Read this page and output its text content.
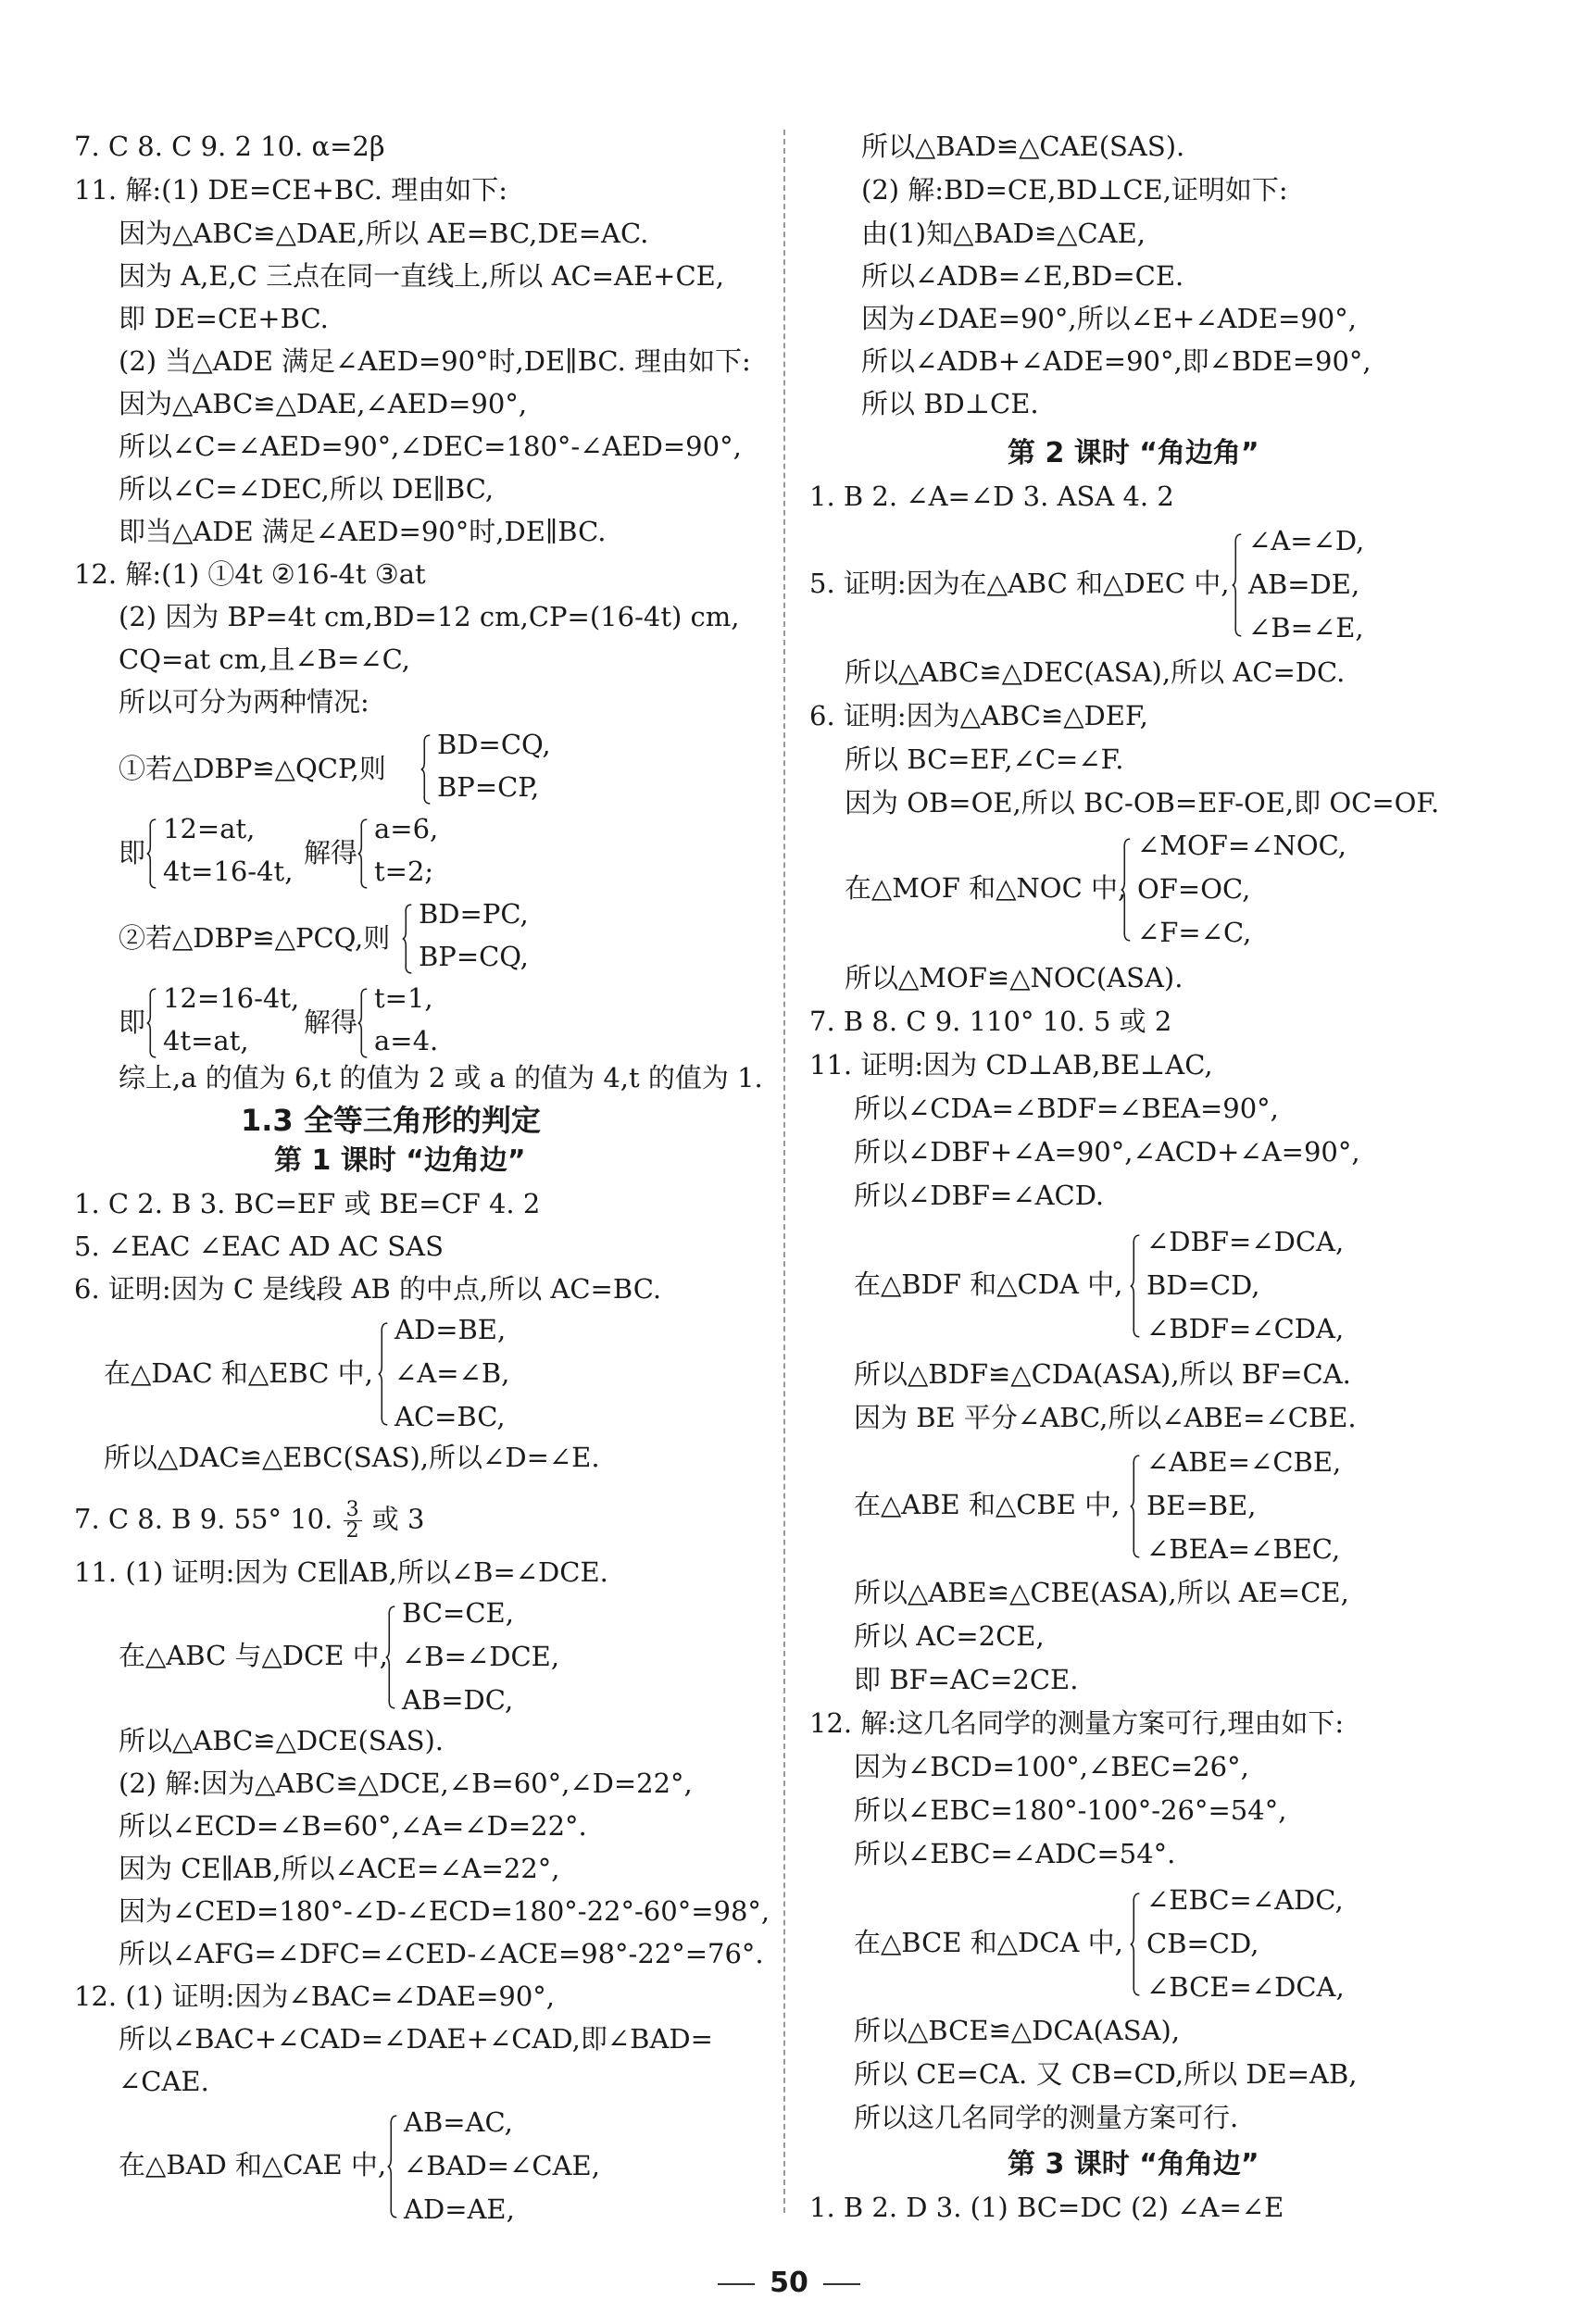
7. C 8. C 9. 2 10. α=2β
11. 解:(1) DE=CE+BC. 理由如下:
因为△ABC≌△DAE,所以 AE=BC,DE=AC.
因为 A,E,C 三点在同一直线上,所以 AC=AE+CE,
即 DE=CE+BC.
(2) 当△ADE 满足∠AED=90°时,DE∥BC. 理由如下:
因为△ABC≌△DAE,∠AED=90°,
所以∠C=∠AED=90°,∠DEC=180°-∠AED=90°,
所以∠C=∠DEC,所以 DE∥BC,
即当△ADE 满足∠AED=90°时,DE∥BC.
12. 解:(1) ①4t ②16-4t ③at
(2) 因为 BP=4t cm,BD=12 cm,CP=(16-4t) cm,
CQ=at cm,且∠B=∠C,
所以可分为两种情况:
①若△DBP≌△QCP,则
BD=CQ,
BP=CP,
即
12=at,
4t=16-4t,
解得
a=6,
t=2;
②若△DBP≌△PCQ,则
BD=PC,
BP=CQ,
即
12=16-4t,
4t=at,
解得
t=1,
a=4.
综上,a 的值为 6,t 的值为 2 或 a 的值为 4,t 的值为 1.
1.3 全等三角形的判定
第 1 课时 “边角边”
1. C 2. B 3. BC=EF 或 BE=CF 4. 2
5. ∠EAC ∠EAC AD AC SAS
6. 证明:因为 C 是线段 AB 的中点,所以 AC=BC.
在△DAC 和△EBC 中,
AD=BE,
∠A=∠B,
AC=BC,
所以△DAC≌△EBC(SAS),所以∠D=∠E.
7. C 8. B 9. 55° 10. $\frac{3}{2}$ 或 3
11. (1) 证明:因为 CE∥AB,所以∠B=∠DCE.
在△ABC 与△DCE 中,
BC=CE,
∠B=∠DCE,
AB=DC,
所以△ABC≌△DCE(SAS).
(2) 解:因为△ABC≌△DCE,∠B=60°,∠D=22°,
所以∠ECD=∠B=60°,∠A=∠D=22°.
因为 CE∥AB,所以∠ACE=∠A=22°,
因为∠CED=180°-∠D-∠ECD=180°-22°-60°=98°,
所以∠AFG=∠DFC=∠CED-∠ACE=98°-22°=76°.
12. (1) 证明:因为∠BAC=∠DAE=90°,
所以∠BAC+∠CAD=∠DAE+∠CAD,即∠BAD=
∠CAE.
在△BAD 和△CAE 中,
AB=AC,
∠BAD=∠CAE,
AD=AE,
所以△BAD≌△CAE(SAS).
(2) 解:BD=CE,BD⊥CE,证明如下:
由(1)知△BAD≌△CAE,
所以∠ADB=∠E,BD=CE.
因为∠DAE=90°,所以∠E+∠ADE=90°,
所以∠ADB+∠ADE=90°,即∠BDE=90°,
所以 BD⊥CE.
第 2 课时 “角边角”
1. B 2. ∠A=∠D 3. ASA 4. 2
5. 证明:因为在△ABC 和△DEC 中,
∠A=∠D,
AB=DE,
∠B=∠E,
所以△ABC≌△DEC(ASA),所以 AC=DC.
6. 证明:因为△ABC≌△DEF,
所以 BC=EF,∠C=∠F.
因为 OB=OE,所以 BC-OB=EF-OE,即 OC=OF.
在△MOF 和△NOC 中,
∠MOF=∠NOC,
OF=OC,
∠F=∠C,
所以△MOF≌△NOC(ASA).
7. B 8. C 9. 110° 10. 5 或 2
11. 证明:因为 CD⊥AB,BE⊥AC,
所以∠CDA=∠BDF=∠BEA=90°,
所以∠DBF+∠A=90°,∠ACD+∠A=90°,
所以∠DBF=∠ACD.
在△BDF 和△CDA 中,
∠DBF=∠DCA,
BD=CD,
∠BDF=∠CDA,
所以△BDF≌△CDA(ASA),所以 BF=CA.
因为 BE 平分∠ABC,所以∠ABE=∠CBE.
在△ABE 和△CBE 中,
∠ABE=∠CBE,
BE=BE,
∠BEA=∠BEC,
所以△ABE≌△CBE(ASA),所以 AE=CE,
所以 AC=2CE,
即 BF=AC=2CE.
12. 解:这几名同学的测量方案可行,理由如下:
因为∠BCD=100°,∠BEC=26°,
所以∠EBC=180°-100°-26°=54°,
所以∠EBC=∠ADC=54°.
在△BCE 和△DCA 中,
∠EBC=∠ADC,
CB=CD,
∠BCE=∠DCA,
所以△BCE≌△DCA(ASA),
所以 CE=CA. 又 CB=CD,所以 DE=AB,
所以这几名同学的测量方案可行.
第 3 课时 “角角边”
1. B 2. D 3. (1) BC=DC (2) ∠A=∠E
50
